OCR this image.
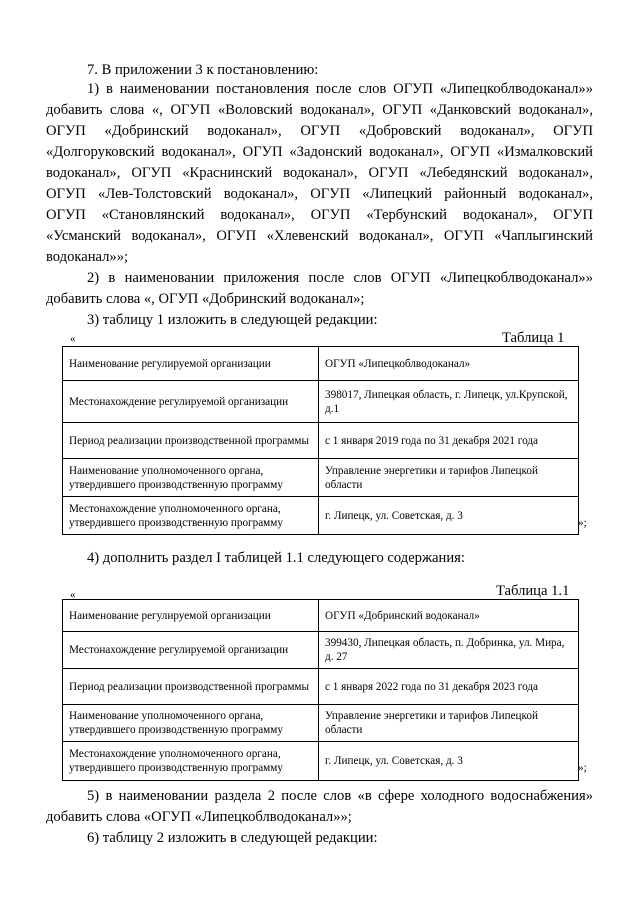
7. В приложении 3 к постановлению:
1) в наименовании постановления после слов ОГУП «Липецкоблводоканал»»
добавить слова «, ОГУП «Воловский водоканал», ОГУП «Данковский водоканал»,
ОГУП «Добринский водоканал», ОГУП «Добровский водоканал», ОГУП
«Долгоруковский водоканал», ОГУП «Задонский водоканал», ОГУП «Измалковский
водоканал», ОГУП «Краснинский водоканал», ОГУП «Лебедянский водоканал»,
ОГУП «Лев-Толстовский водоканал», ОГУП «Липецкий районный водоканал»,
ОГУП «Становлянский водоканал», ОГУП «Тербунский водоканал», ОГУП
«Усманский водоканал», ОГУП «Хлевенский водоканал», ОГУП «Чаплыгинский
водоканал»»;
2) в наименовании приложения после слов ОГУП «Липецкоблводоканал»»
добавить слова «, ОГУП «Добринский водоканал»;
3) таблицу 1 изложить в следующей редакции:
«	Таблица 1
Наименование регулируемой организации	ОГУП «Липецкоблводоканал»
Местонахождение регулируемой организации	398017, Липецкая область, г. Липецк, ул.Крупской, д.1
Период реализации производственной программы	с 1 января 2019 года по 31 декабря 2021 года
Наименование уполномоченного органа, утвердившего производственную программу	Управление энергетики и тарифов Липецкой области
Местонахождение уполномоченного органа, утвердившего производственную программу	г. Липецк, ул. Советская, д. 3
»;
4) дополнить раздел I таблицей 1.1 следующего содержания:
«	Таблица 1.1
Наименование регулируемой организации	ОГУП «Добринский водоканал»
Местонахождение регулируемой организации	399430, Липецкая область, п. Добринка, ул. Мира, д. 27
Период реализации производственной программы	с 1 января 2022 года по 31 декабря 2023 года
Наименование уполномоченного органа, утвердившего производственную программу	Управление энергетики и тарифов Липецкой области
Местонахождение уполномоченного органа, утвердившего производственную программу	г. Липецк, ул. Советская, д. 3
»;
5) в наименовании раздела 2 после слов «в сфере холодного водоснабжения»
добавить слова «ОГУП «Липецкоблводоканал»»;
6) таблицу 2 изложить в следующей редакции:
